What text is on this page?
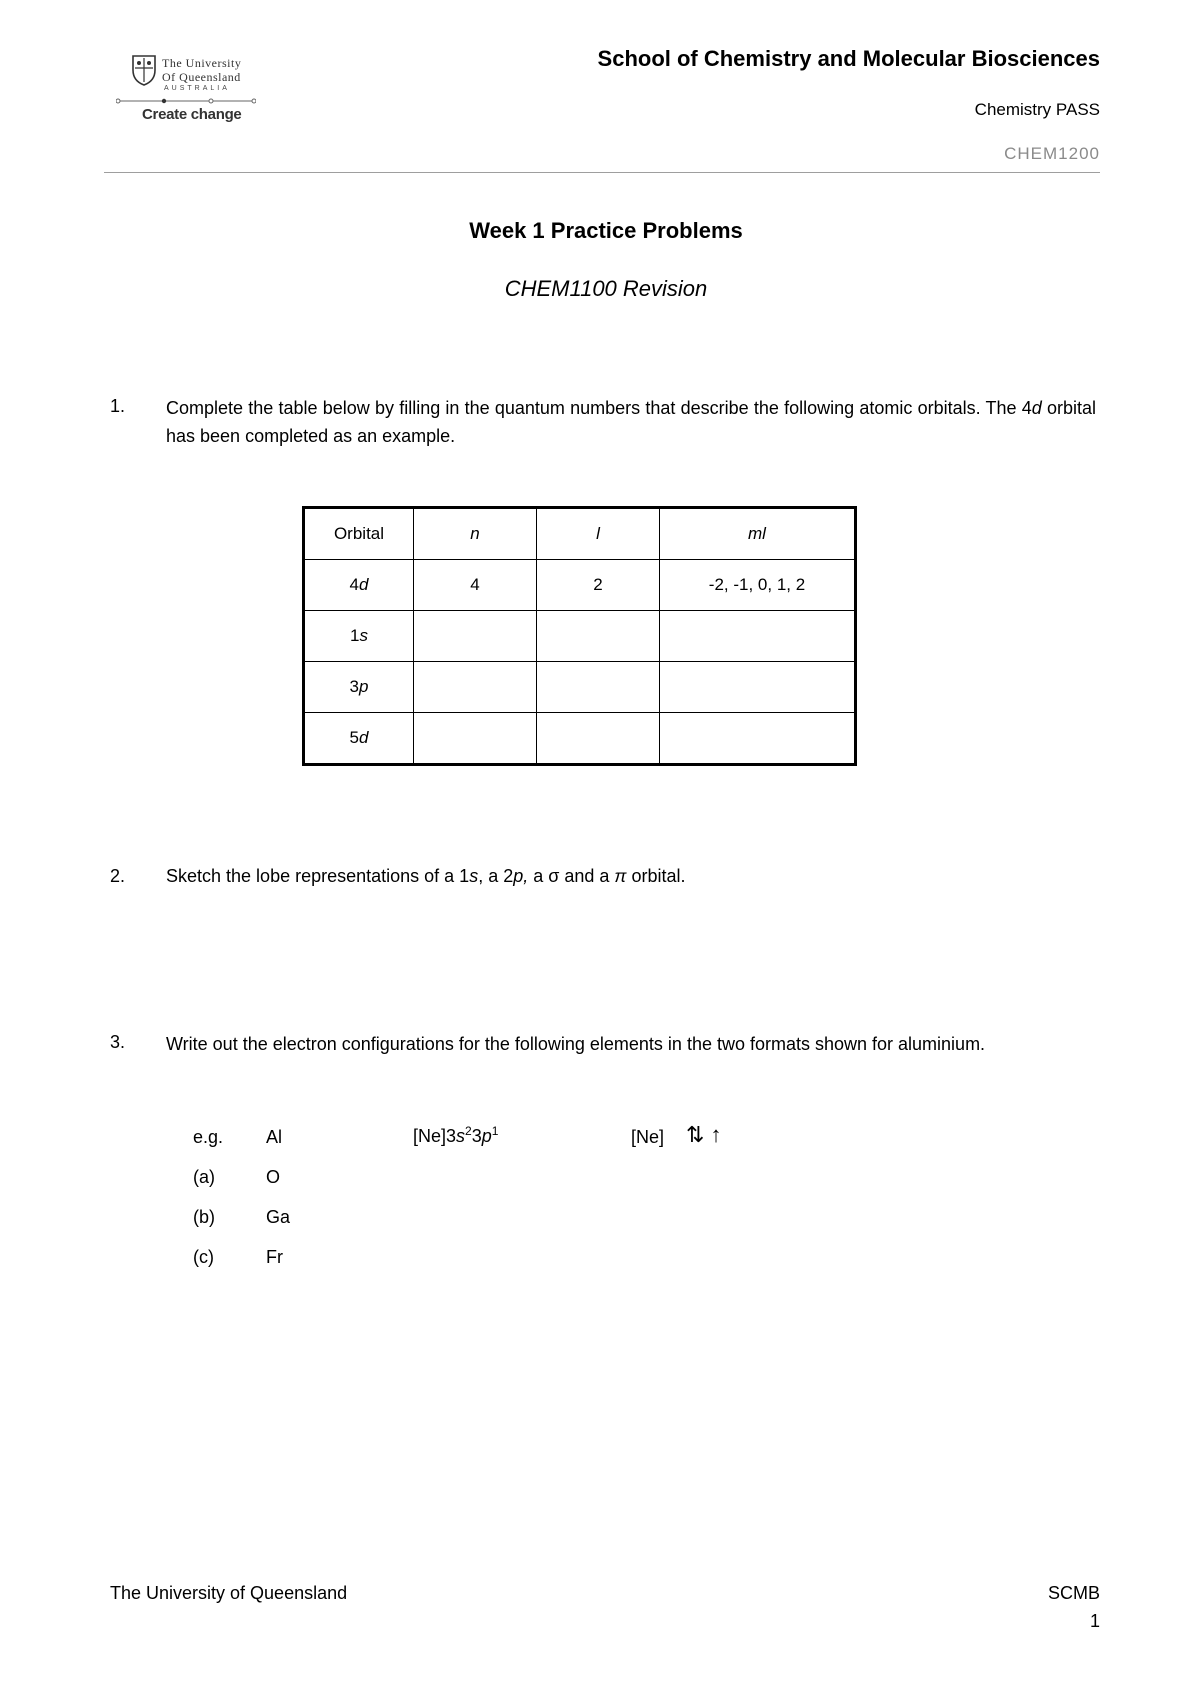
The University
Of Queensland
AUSTRALIA
Create change
School of Chemistry and Molecular Biosciences
Chemistry PASS
CHEM1200
Week 1 Practice Problems
CHEM1100 Revision
1. Complete the table below by filling in the quantum numbers that describe the following atomic orbitals. The 4d orbital has been completed as an example.
Orbital	n	l	ml
4d	4	2	-2, -1, 0, 1, 2
1s			
3p			
5d			
2. Sketch the lobe representations of a 1s, a 2p, a σ and a π orbital.
3. Write out the electron configurations for the following elements in the two formats shown for aluminium.
e.g. Al	$[Ne]3s^23p^1$	[Ne] ⇅ ↑
(a)	O
(b)	Ga
(c)	Fr
The University of Queensland	SCMB
1
